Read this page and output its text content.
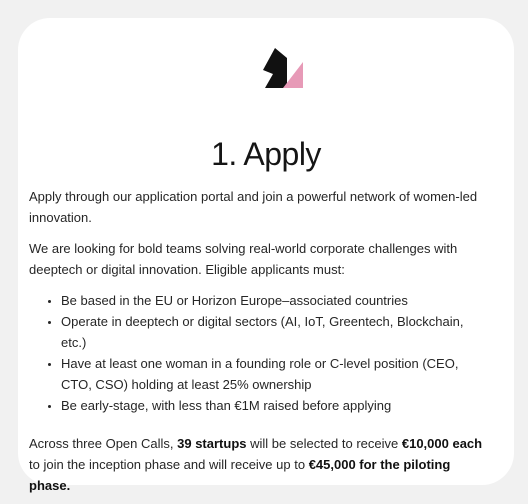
1. Apply

Apply through our application portal and join a powerful network of women-led innovation.

We are looking for bold teams solving real-world corporate challenges with deeptech or digital innovation. Eligible applicants must:

• Be based in the EU or Horizon Europe–associated countries
• Operate in deeptech or digital sectors (AI, IoT, Greentech, Blockchain, etc.)
• Have at least one woman in a founding role or C-level position (CEO, CTO, CSO) holding at least 25% ownership
• Be early-stage, with less than €1M raised before applying

Across three Open Calls, 39 startups will be selected to receive €10,000 each to join the inception phase and will receive up to €45,000 for the piloting phase.
